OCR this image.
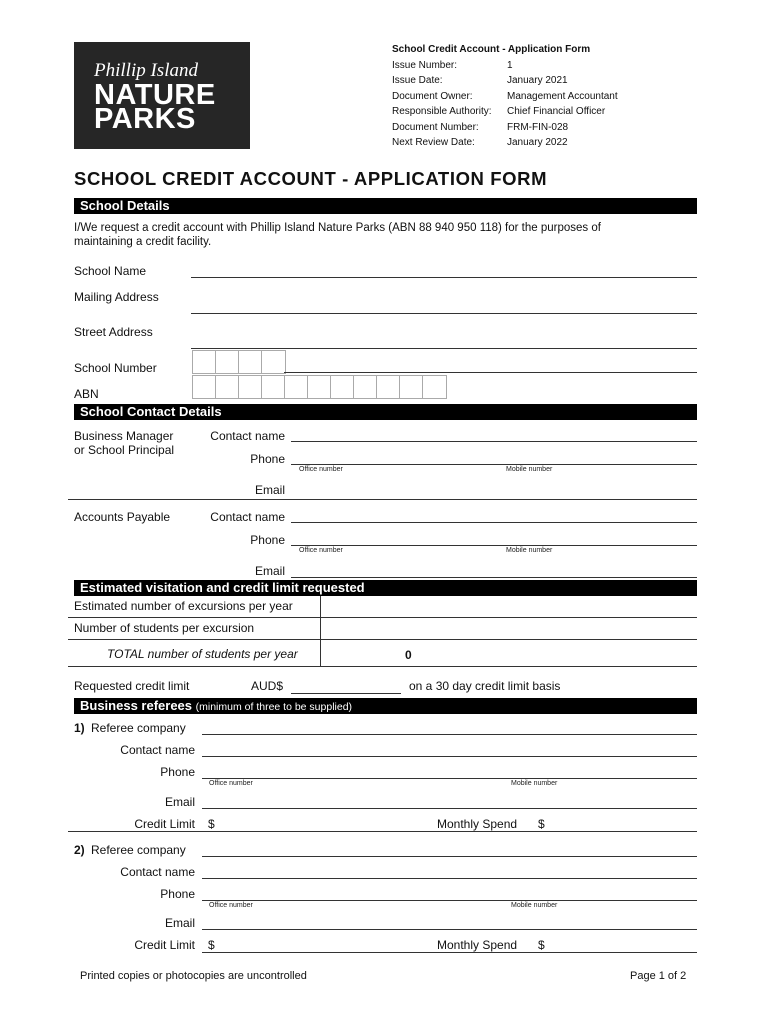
Phillip Island
NATURE
PARKS
School Credit Account - Application Form
Issue Number:	1
Issue Date:	January 2021
Document Owner:	Management Accountant
Responsible Authority: Chief Financial Officer
Document Number:	FRM-FIN-028
Next Review Date:	January 2022
SCHOOL CREDIT ACCOUNT - APPLICATION FORM
School Details
I/We request a credit account with Phillip Island Nature Parks (ABN 88 940 950 118) for the purposes of
maintaining a credit facility.
School Name
Mailing Address
Street Address
School Number
ABN
School Contact Details
Business Manager
or School Principal
Contact name
Phone
Office number	Mobile number
Email
Accounts Payable	Contact name
Phone
Office number	Mobile number
Email
Estimated visitation and credit limit requested
Estimated number of excursions per year
Number of students per excursion
TOTAL number of students per year	0
Requested credit limit	AUD$	on a 30 day credit limit basis
Business referees (minimum of three to be supplied)
1) Referee company
Contact name
Phone
Office number	Mobile number
Email
Credit Limit $	Monthly Spend $
2) Referee company
Contact name
Phone
Office number	Mobile number
Email
Credit Limit $	Monthly Spend $
Printed copies or photocopies are uncontrolled	Page 1 of 2
